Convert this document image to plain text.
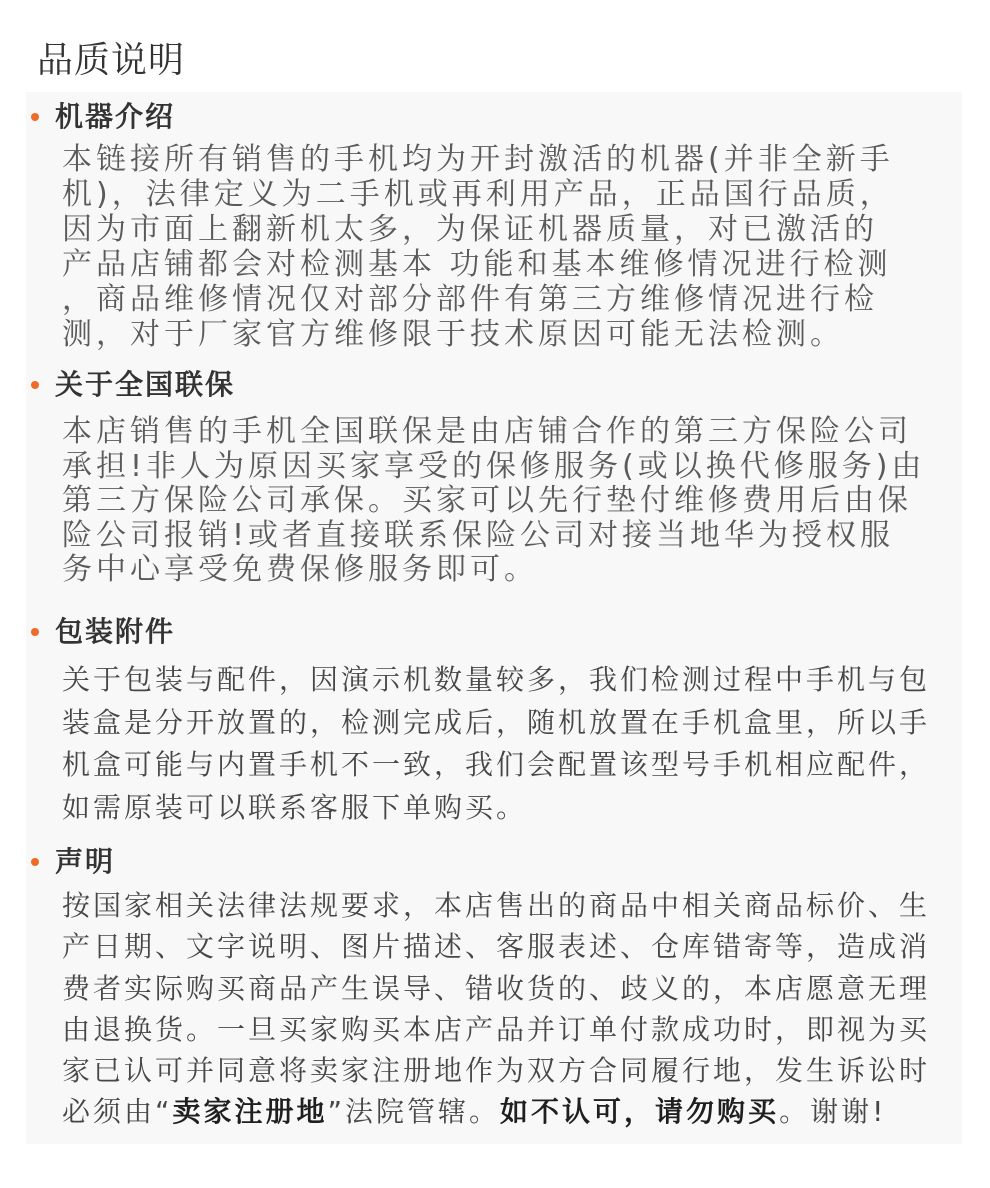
品质说明
机器介绍
本链接所有销售的手机均为开封激活的机器(并非全新手
机)，法律定义为二手机或再利用产品，正品国行品质，
因为市面上翻新机太多，为保证机器质量，对已激活的
产品店铺都会对检测基本 功能和基本维修情况进行检测
，商品维修情况仅对部分部件有第三方维修情况进行检
测，对于厂家官方维修限于技术原因可能无法检测。
关于全国联保
本店销售的手机全国联保是由店铺合作的第三方保险公司
承担!非人为原因买家享受的保修服务(或以换代修服务)由
第三方保险公司承保。买家可以先行垫付维修费用后由保
险公司报销!或者直接联系保险公司对接当地华为授权服
务中心享受免费保修服务即可。
包装附件
关于包装与配件，因演示机数量较多，我们检测过程中手机与包
装盒是分开放置的，检测完成后，随机放置在手机盒里，所以手
机盒可能与内置手机不一致，我们会配置该型号手机相应配件，
如需原装可以联系客服下单购买。
声明
按国家相关法律法规要求，本店售出的商品中相关商品标价、生
产日期、文字说明、图片描述、客服表述、仓库错寄等，造成消
费者实际购买商品产生误导、错收货的、歧义的，本店愿意无理
由退换货。一旦买家购买本店产品并订单付款成功时，即视为买
家已认可并同意将卖家注册地作为双方合同履行地，发生诉讼时
必须由“卖家注册地”法院管辖。如不认可，请勿购买。谢谢!
